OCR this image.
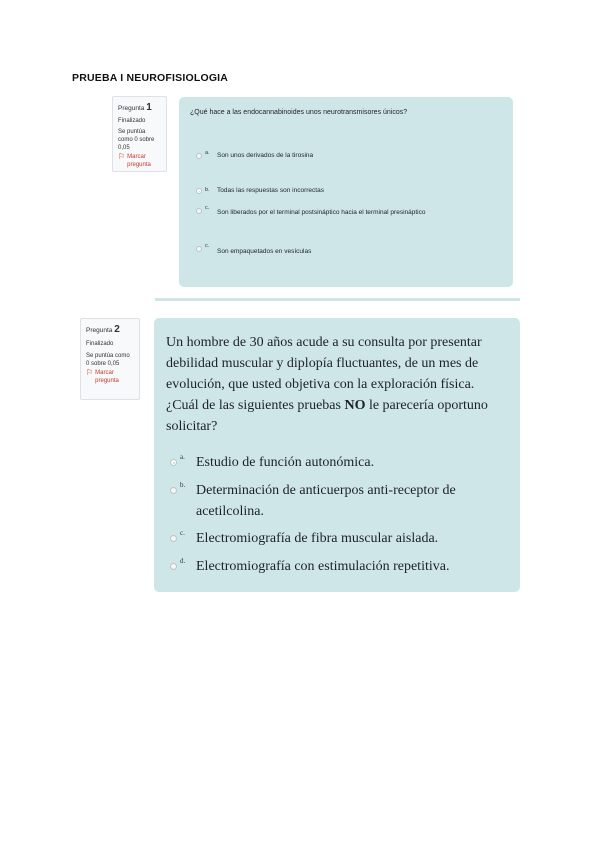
PRUEBA I NEUROFISIOLOGIA
Pregunta 1
Finalizado
Se puntúa como 0 sobre 0,05
⚐ Marcar pregunta
¿Qué hace a las endocannabinoides unos neurotransmisores únicos?
a.	Son unos derivados de la tirosina
b.	Todas las respuestas son incorrectas
c.
Son liberados por el terminal postsináptico hacia el terminal presináptico
c.
Son empaquetados en vesículas
Pregunta 2
Finalizado
Se puntúa como 0 sobre 0,05
⚐ Marcar pregunta
Un hombre de 30 años acude a su consulta por presentar debilidad muscular y diplopía fluctuantes, de un mes de evolución, que usted objetiva con la exploración física. ¿Cuál de las siguientes pruebas NO le parecería oportuno solicitar?
a. Estudio de función autonómica.
b. Determinación de anticuerpos anti-receptor de acetilcolina.
c. Electromiografía de fibra muscular aislada.
d. Electromiografía con estimulación repetitiva.
